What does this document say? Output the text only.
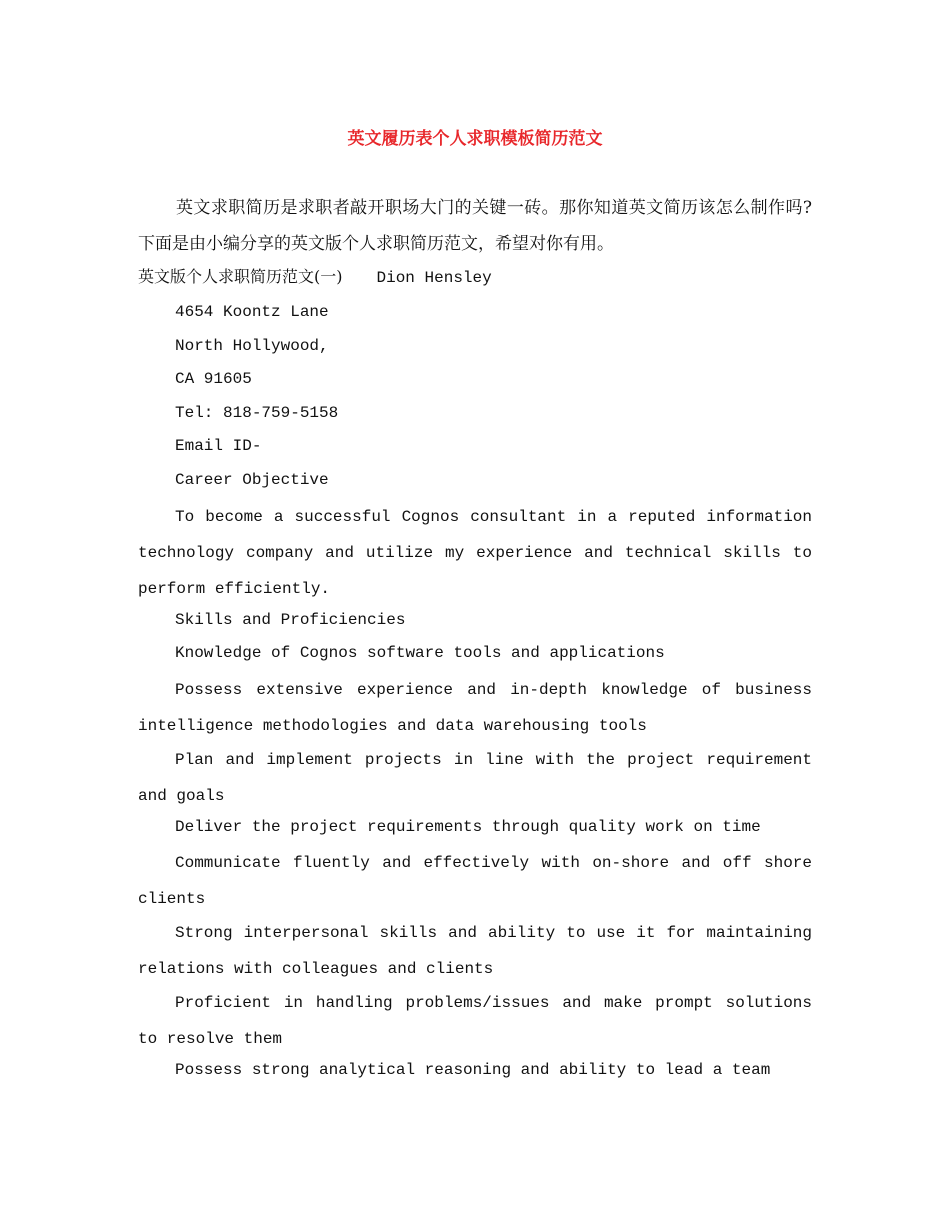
英文履历表个人求职模板简历范文

英文求职简历是求职者敲开职场大门的关键一砖。那你知道英文简历该怎么制作吗?下面是由小编分享的英文版个人求职简历范文，希望对你有用。

英文版个人求职简历范文(一) Dion Hensley
4654 Koontz Lane
North Hollywood,
CA 91605
Tel: 818-759-5158
Email ID-
Career Objective

To become a successful Cognos consultant in a reputed information technology company and utilize my experience and technical skills to perform efficiently.

Skills and Proficiencies
Knowledge of Cognos software tools and applications

Possess extensive experience and in-depth knowledge of business intelligence methodologies and data warehousing tools

Plan and implement projects in line with the project requirement and goals

Deliver the project requirements through quality work on time

Communicate fluently and effectively with on-shore and off shore clients

Strong interpersonal skills and ability to use it for maintaining relations with colleagues and clients

Proficient in handling problems/issues and make prompt solutions to resolve them

Possess strong analytical reasoning and ability to lead a team
